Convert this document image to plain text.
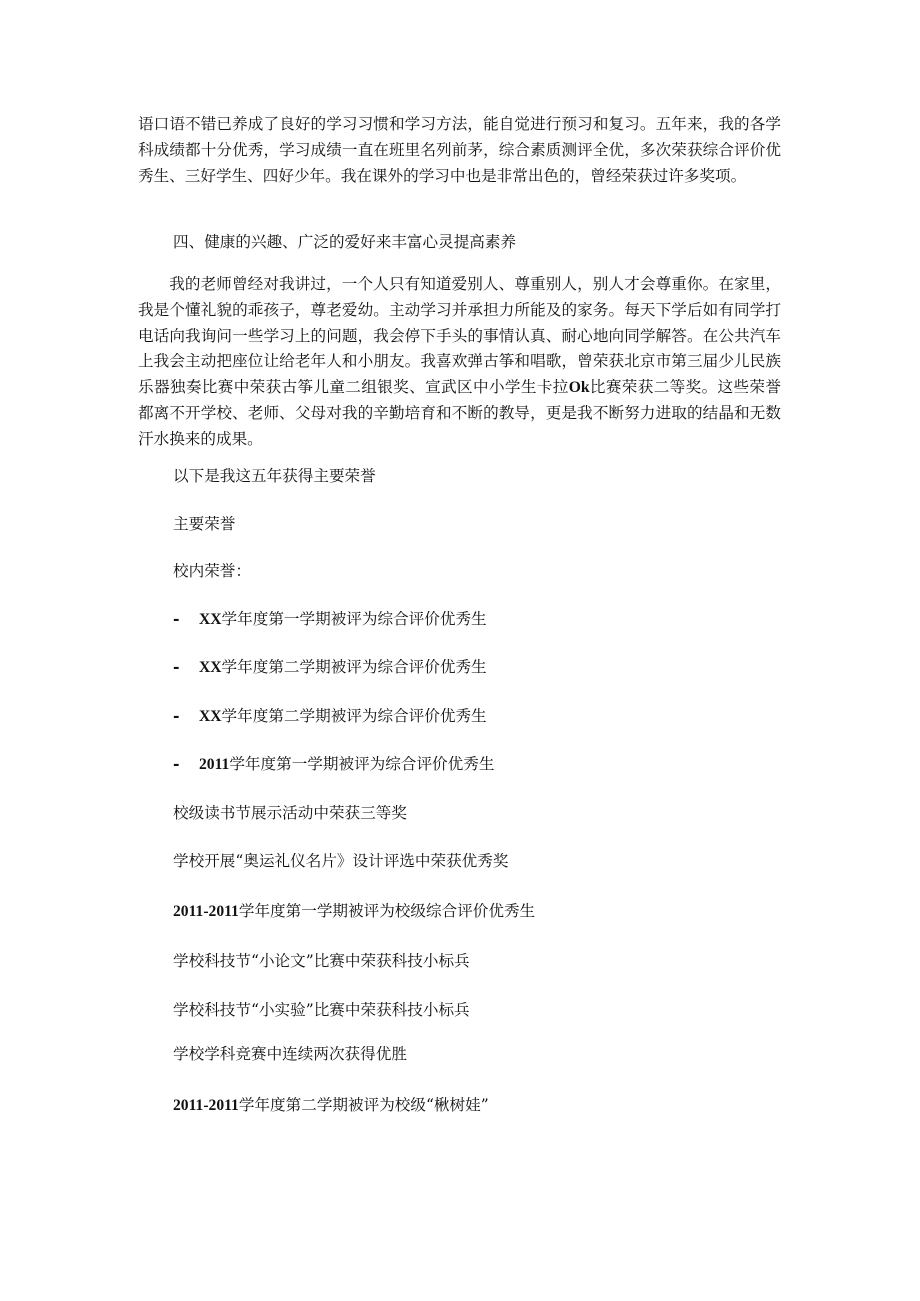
语口语不错已养成了良好的学习习惯和学习方法，能自觉进行预习和复习。五年来，我的各学科成绩都十分优秀，学习成绩一直在班里名列前茅，综合素质测评全优，多次荣获综合评价优秀生、三好学生、四好少年。我在课外的学习中也是非常出色的，曾经荣获过许多奖项。

四、健康的兴趣、广泛的爱好来丰富心灵提高素养

我的老师曾经对我讲过，一个人只有知道爱别人、尊重别人，别人才会尊重你。在家里，我是个懂礼貌的乖孩子，尊老爱幼。主动学习并承担力所能及的家务。每天下学后如有同学打电话向我询问一些学习上的问题，我会停下手头的事情认真、耐心地向同学解答。在公共汽车上我会主动把座位让给老年人和小朋友。我喜欢弹古筝和唱歌，曾荣获北京市第三届少儿民族乐器独奏比赛中荣获古筝儿童二组银奖、宣武区中小学生卡拉Ok比赛荣获二等奖。这些荣誉都离不开学校、老师、父母对我的辛勤培育和不断的教导，更是我不断努力进取的结晶和无数汗水换来的成果。

以下是我这五年获得主要荣誉

主要荣誉

校内荣誉：

- XX学年度第一学期被评为综合评价优秀生

- XX学年度第二学期被评为综合评价优秀生

- XX学年度第二学期被评为综合评价优秀生

- 2011学年度第一学期被评为综合评价优秀生

校级读书节展示活动中荣获三等奖

学校开展“奥运礼仪名片》设计评选中荣获优秀奖

2011-2011学年度第一学期被评为校级综合评价优秀生

学校科技节“小论文”比赛中荣获科技小标兵

学校科技节“小实验”比赛中荣获科技小标兵

学校学科竞赛中连续两次获得优胜

2011-2011学年度第二学期被评为校级“楸树娃”
